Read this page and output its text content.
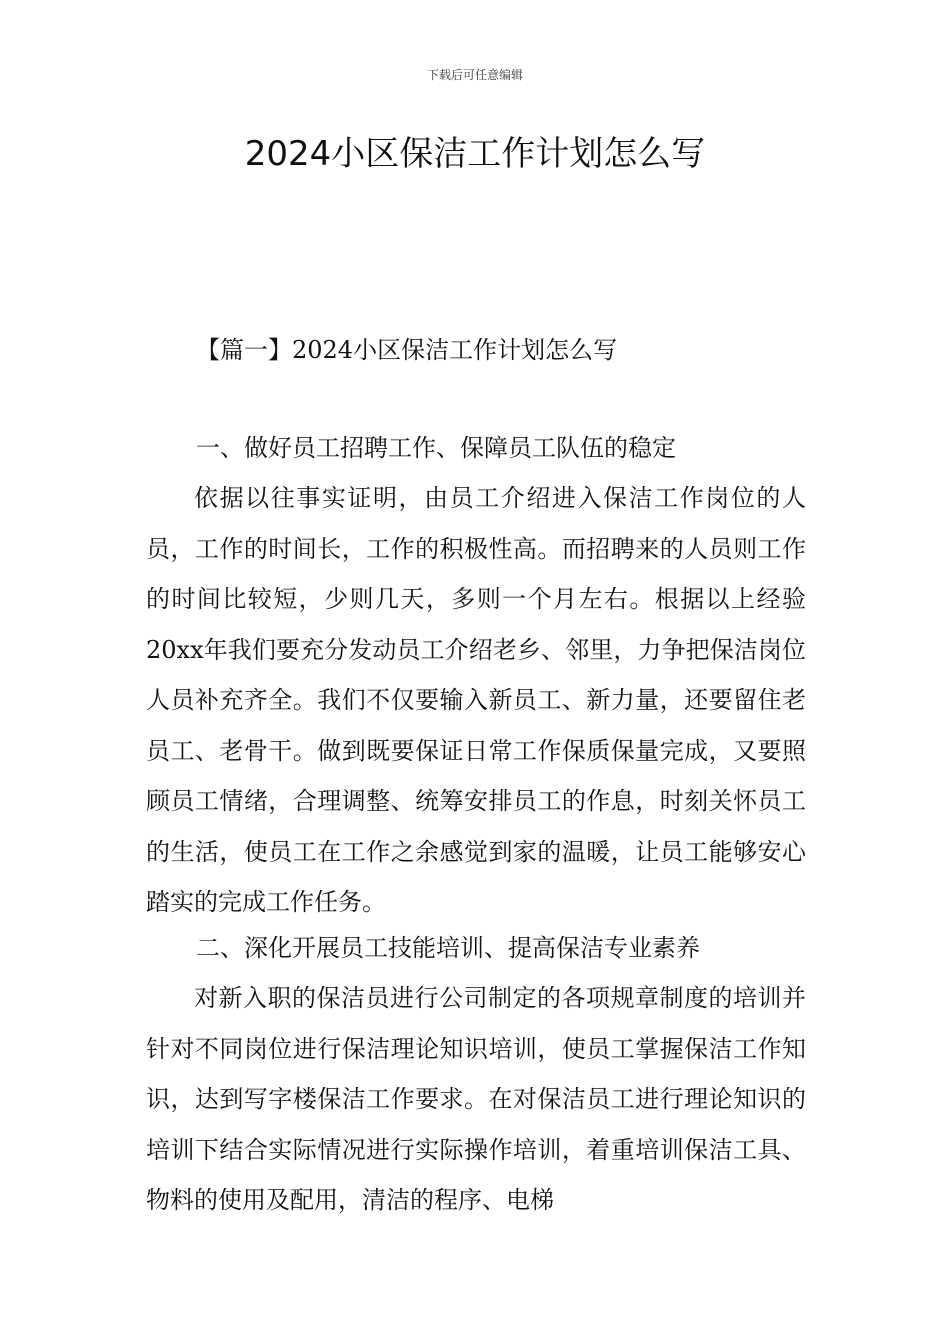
下载后可任意编辑
2024小区保洁工作计划怎么写
【篇一】2024小区保洁工作计划怎么写
一、做好员工招聘工作、保障员工队伍的稳定
依据以往事实证明，由员工介绍进入保洁工作岗位的人员，工作的时间长，工作的积极性高。而招聘来的人员则工作的时间比较短，少则几天，多则一个月左右。根据以上经验20xx年我们要充分发动员工介绍老乡、邻里，力争把保洁岗位人员补充齐全。我们不仅要输入新员工、新力量，还要留住老员工、老骨干。做到既要保证日常工作保质保量完成，又要照顾员工情绪，合理调整、统筹安排员工的作息，时刻关怀员工的生活，使员工在工作之余感觉到家的温暖，让员工能够安心踏实的完成工作任务。
二、深化开展员工技能培训、提高保洁专业素养
对新入职的保洁员进行公司制定的各项规章制度的培训并针对不同岗位进行保洁理论知识培训，使员工掌握保洁工作知识，达到写字楼保洁工作要求。在对保洁员工进行理论知识的培训下结合实际情况进行实际操作培训，着重培训保洁工具、物料的使用及配用，清洁的程序、电梯
